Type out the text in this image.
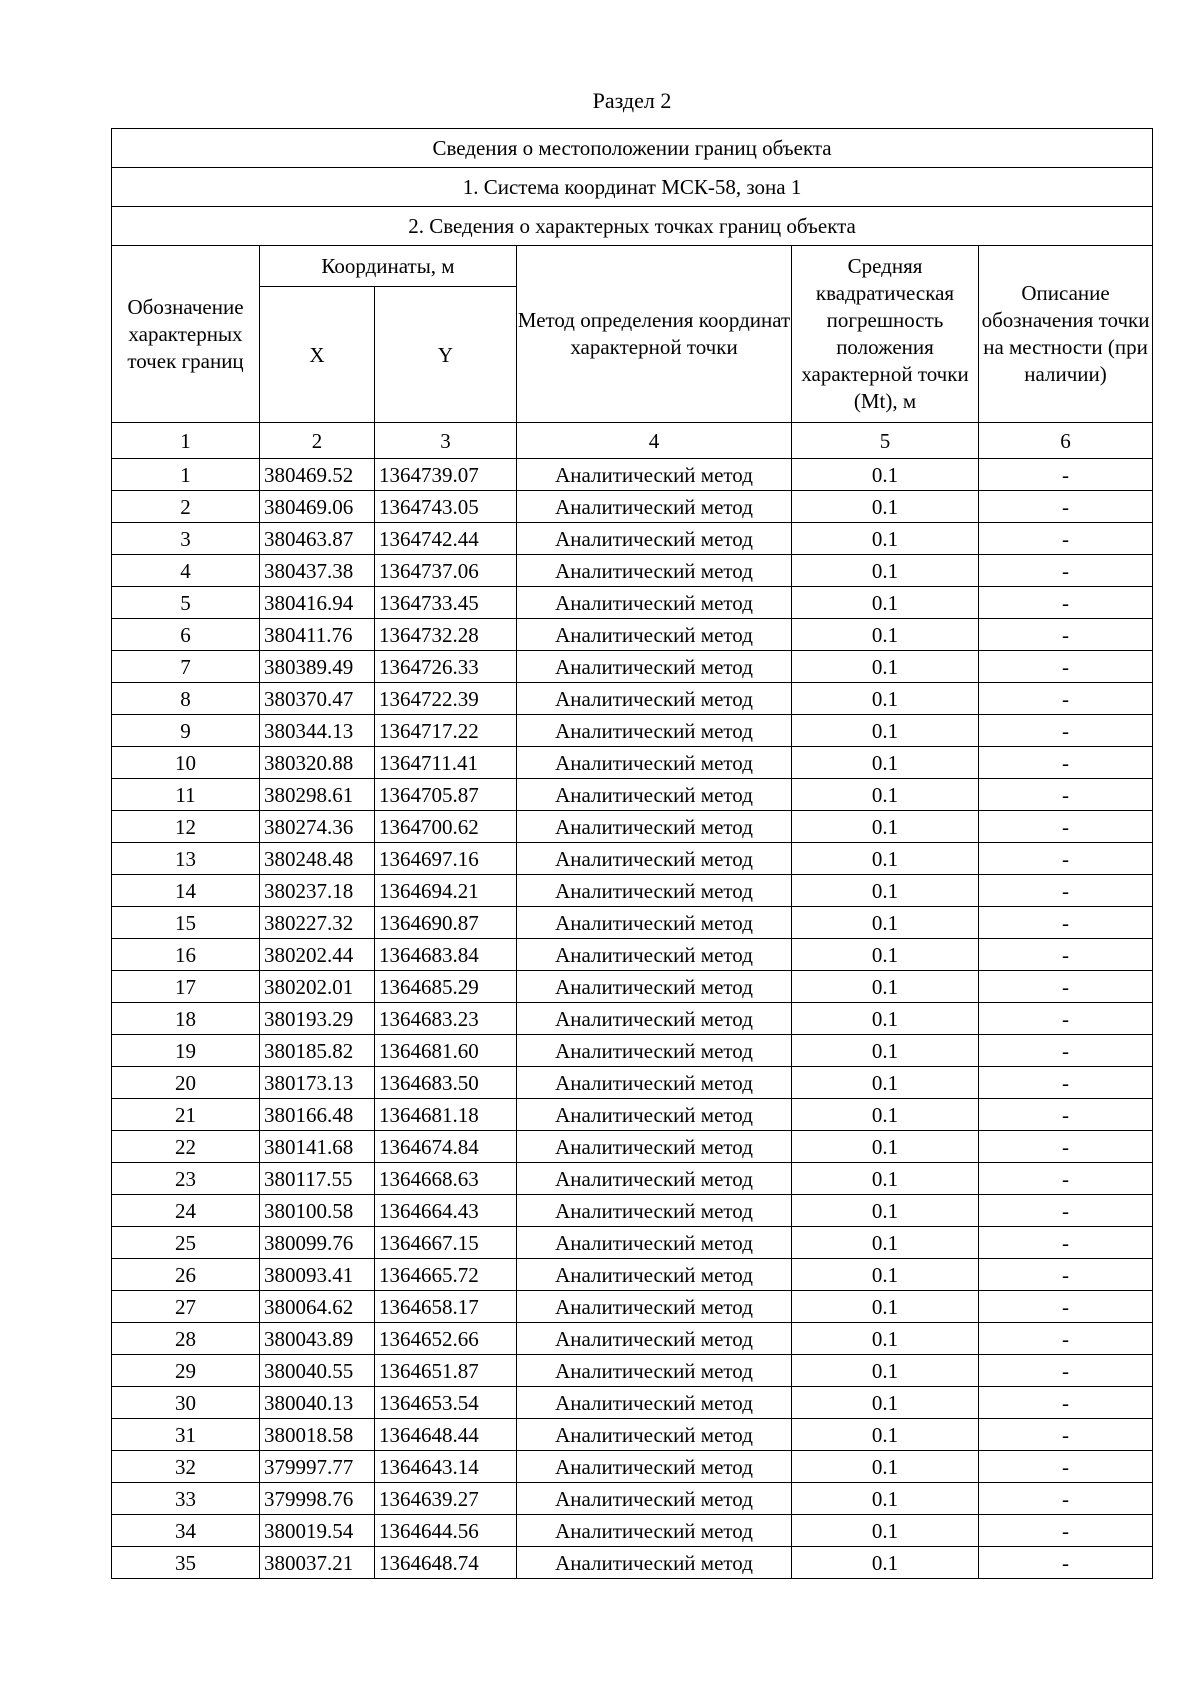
Раздел 2
Сведения о местоположении границ объекта					
1. Система координат МСК-58, зона 1					
2. Сведения о характерных точках границ объекта					
Обозначение характерных точек границ	Координаты, м		Метод определения координат характерной точки	Средняя квадратическая погрешность положения характерной точки (Mt), м	Описание обозначения точки на местности (при наличии)
	X	Y			
1	2	3	4	5	6
1	380469.52	1364739.07	Аналитический метод	0.1	-
2	380469.06	1364743.05	Аналитический метод	0.1	-
3	380463.87	1364742.44	Аналитический метод	0.1	-
4	380437.38	1364737.06	Аналитический метод	0.1	-
5	380416.94	1364733.45	Аналитический метод	0.1	-
6	380411.76	1364732.28	Аналитический метод	0.1	-
7	380389.49	1364726.33	Аналитический метод	0.1	-
8	380370.47	1364722.39	Аналитический метод	0.1	-
9	380344.13	1364717.22	Аналитический метод	0.1	-
10	380320.88	1364711.41	Аналитический метод	0.1	-
11	380298.61	1364705.87	Аналитический метод	0.1	-
12	380274.36	1364700.62	Аналитический метод	0.1	-
13	380248.48	1364697.16	Аналитический метод	0.1	-
14	380237.18	1364694.21	Аналитический метод	0.1	-
15	380227.32	1364690.87	Аналитический метод	0.1	-
16	380202.44	1364683.84	Аналитический метод	0.1	-
17	380202.01	1364685.29	Аналитический метод	0.1	-
18	380193.29	1364683.23	Аналитический метод	0.1	-
19	380185.82	1364681.60	Аналитический метод	0.1	-
20	380173.13	1364683.50	Аналитический метод	0.1	-
21	380166.48	1364681.18	Аналитический метод	0.1	-
22	380141.68	1364674.84	Аналитический метод	0.1	-
23	380117.55	1364668.63	Аналитический метод	0.1	-
24	380100.58	1364664.43	Аналитический метод	0.1	-
25	380099.76	1364667.15	Аналитический метод	0.1	-
26	380093.41	1364665.72	Аналитический метод	0.1	-
27	380064.62	1364658.17	Аналитический метод	0.1	-
28	380043.89	1364652.66	Аналитический метод	0.1	-
29	380040.55	1364651.87	Аналитический метод	0.1	-
30	380040.13	1364653.54	Аналитический метод	0.1	-
31	380018.58	1364648.44	Аналитический метод	0.1	-
32	379997.77	1364643.14	Аналитический метод	0.1	-
33	379998.76	1364639.27	Аналитический метод	0.1	-
34	380019.54	1364644.56	Аналитический метод	0.1	-
35	380037.21	1364648.74	Аналитический метод	0.1	-
